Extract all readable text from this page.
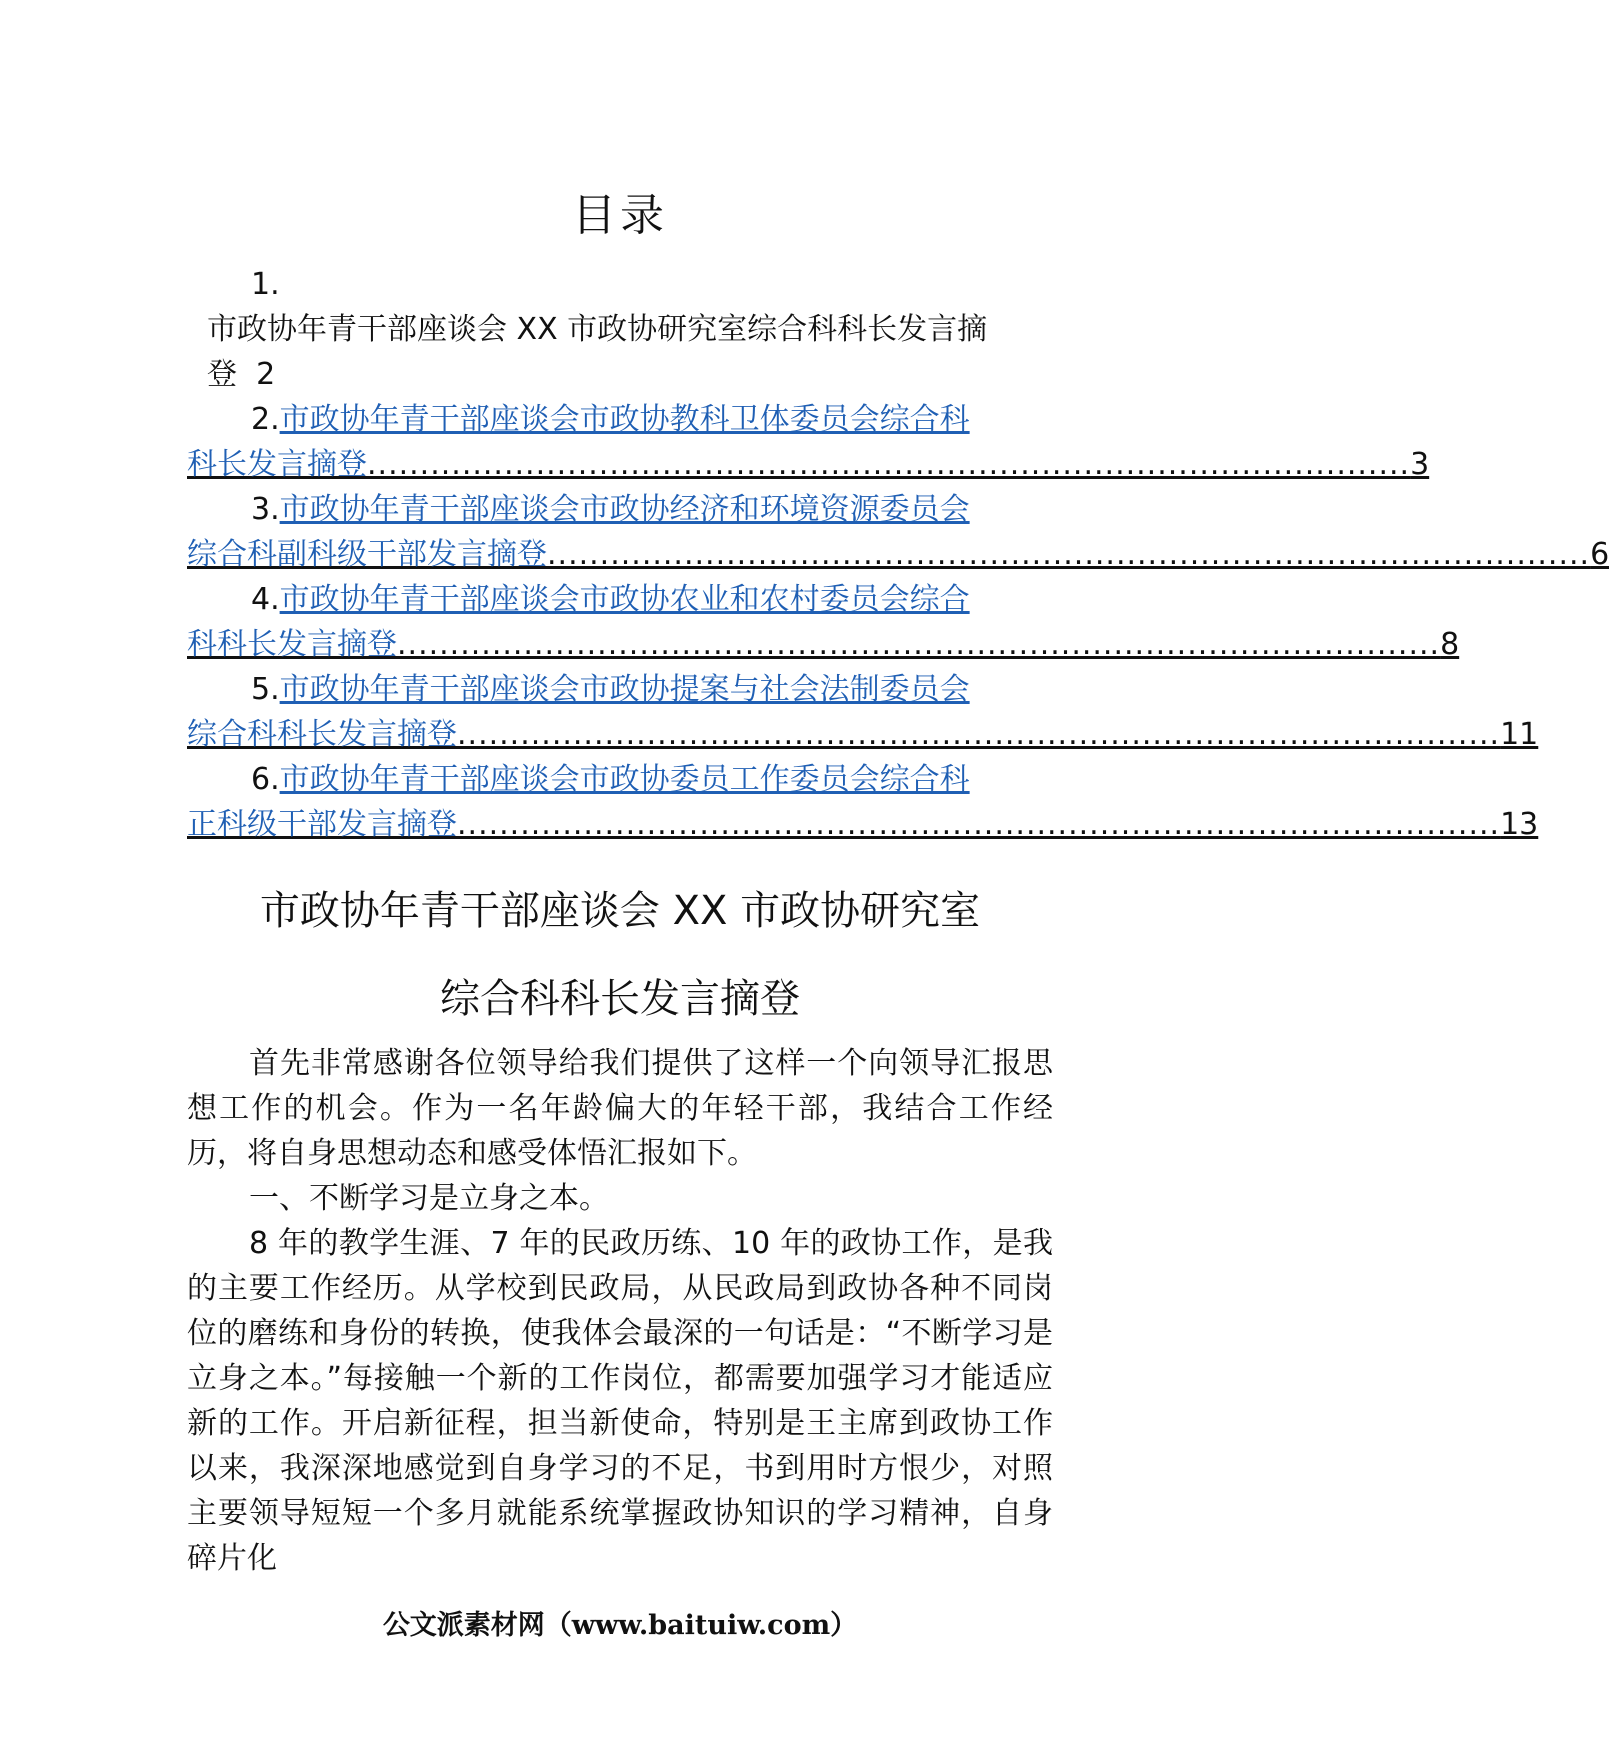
目录
1.
市政协年青干部座谈会 XX 市政协研究室综合科科长发言摘登 2
2.市政协年青干部座谈会市政协教科卫体委员会综合科
科长发言摘登 ................................................................................................... 3
3.市政协年青干部座谈会市政协经济和环境资源委员会
综合科副科级干部发言摘登 ................................................................................................... 6
4.市政协年青干部座谈会市政协农业和农村委员会综合
科科长发言摘登 ................................................................................................... 8
5.市政协年青干部座谈会市政协提案与社会法制委员会
综合科科长发言摘登 ................................................................................................... 11
6.市政协年青干部座谈会市政协委员工作委员会综合科
正科级干部发言摘登 ................................................................................................... 13
市政协年青干部座谈会 XX 市政协研究室
综合科科长发言摘登

首先非常感谢各位领导给我们提供了这样一个向领导汇报思想工作的机会。作为一名年龄偏大的年轻干部，我结合工作经历，将自身思想动态和感受体悟汇报如下。

一、不断学习是立身之本。

8 年的教学生涯、7 年的民政历练、10 年的政协工作，是我的主要工作经历。从学校到民政局，从民政局到政协各种不同岗位的磨练和身份的转换，使我体会最深的一句话是：“不断学习是立身之本。”每接触一个新的工作岗位，都需要加强学习才能适应新的工作。开启新征程，担当新使命，特别是王主席到政协工作以来，我深深地感觉到自身学习的不足，书到用时方恨少，对照主要领导短短一个多月就能系统掌握政协知识的学习精神，自身碎片化

公文派素材网（www.baituiw.com）
